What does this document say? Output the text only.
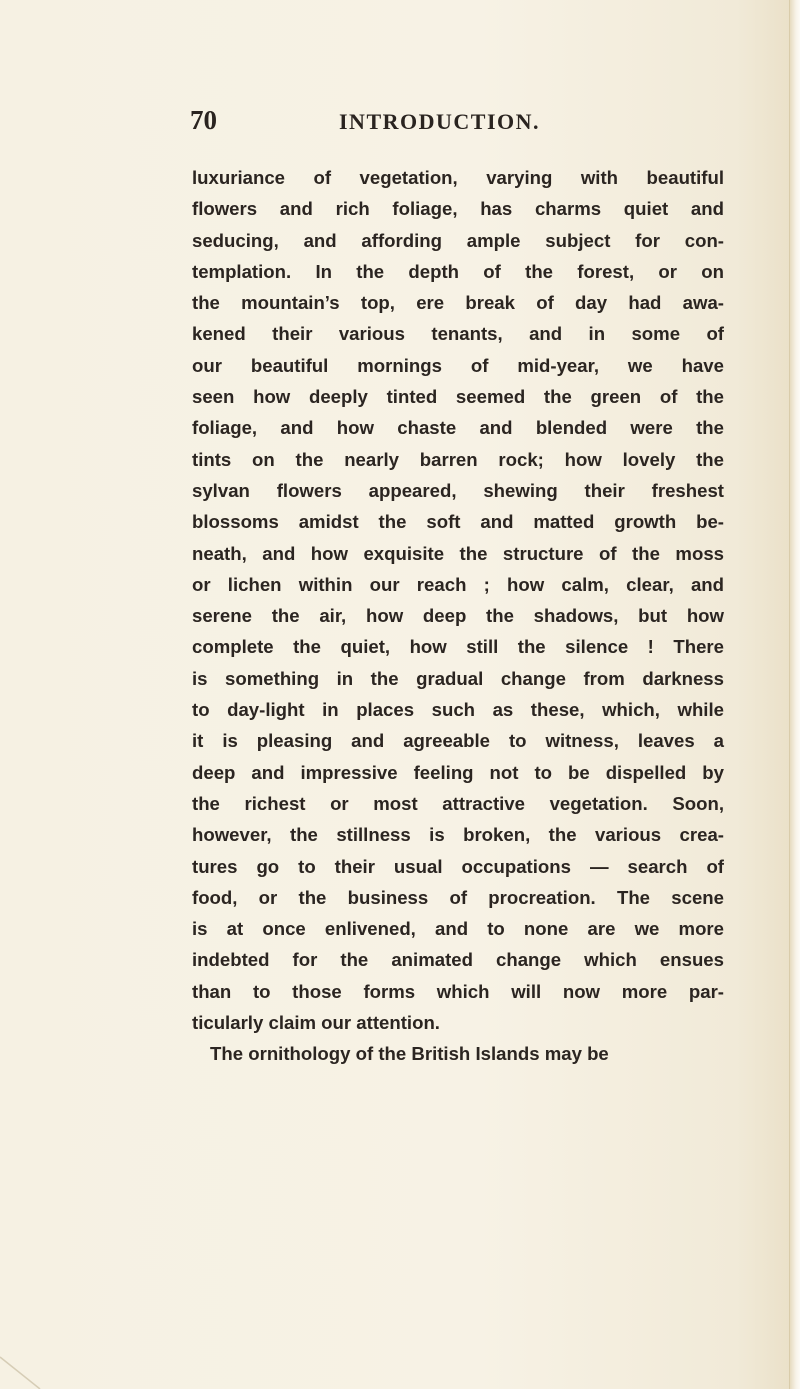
70	INTRODUCTION.
luxuriance of vegetation, varying with beautiful
flowers and rich foliage, has charms quiet and
seducing, and affording ample subject for con-
templation. In the depth of the forest, or on
the mountain’s top, ere break of day had awa-
kened their various tenants, and in some of
our beautiful mornings of mid-year, we have
seen how deeply tinted seemed the green of the
foliage, and how chaste and blended were the
tints on the nearly barren rock; how lovely the
sylvan flowers appeared, shewing their freshest
blossoms amidst the soft and matted growth be-
neath, and how exquisite the structure of the moss
or lichen within our reach ; how calm, clear, and
serene the air, how deep the shadows, but how
complete the quiet, how still the silence ! There
is something in the gradual change from darkness
to day-light in places such as these, which, while
it is pleasing and agreeable to witness, leaves a
deep and impressive feeling not to be dispelled by
the richest or most attractive vegetation. Soon,
however, the stillness is broken, the various crea-
tures go to their usual occupations — search of
food, or the business of procreation. The scene
is at once enlivened, and to none are we more
indebted for the animated change which ensues
than to those forms which will now more par-
ticularly claim our attention.
The ornithology of the British Islands may be
